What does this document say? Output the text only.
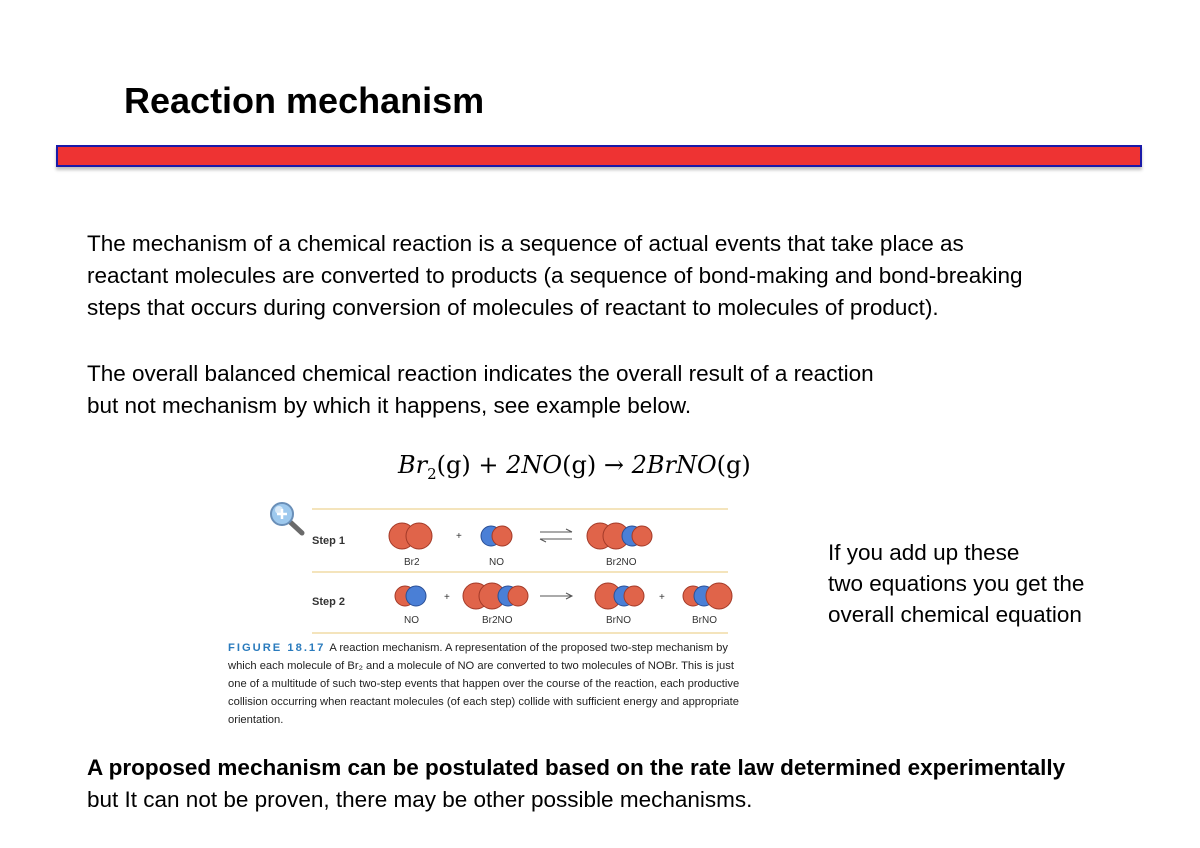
Reaction mechanism
The mechanism of a chemical reaction is a sequence of actual events that take place as
reactant molecules are converted to products (a sequence of bond-making and bond-breaking
steps that occurs during conversion of molecules of reactant to molecules of product).
The overall balanced chemical reaction indicates the overall result of a reaction
but not mechanism by which it happens, see example below.
$Br_2(g) + 2NO(g)$ → 2BrNO(g)
Step 1
Br2
+
NO	Br2NO
Step 2
NO
+
Br2NO	BrNO
+
BrNO
FIGURE 18.17 A reaction mechanism. A representation of the proposed two-step mechanism by
which each molecule of Br₂ and a molecule of NO are converted to two molecules of NOBr. This is just
one of a multitude of such two-step events that happen over the course of the reaction, each productive
collision occurring when reactant molecules (of each step) collide with sufficient energy and appropriate
orientation.
If you add up these
two equations you get the
overall chemical equation
A proposed mechanism can be postulated based on the rate law determined experimentally
but It can not be proven, there may be other possible mechanisms.
